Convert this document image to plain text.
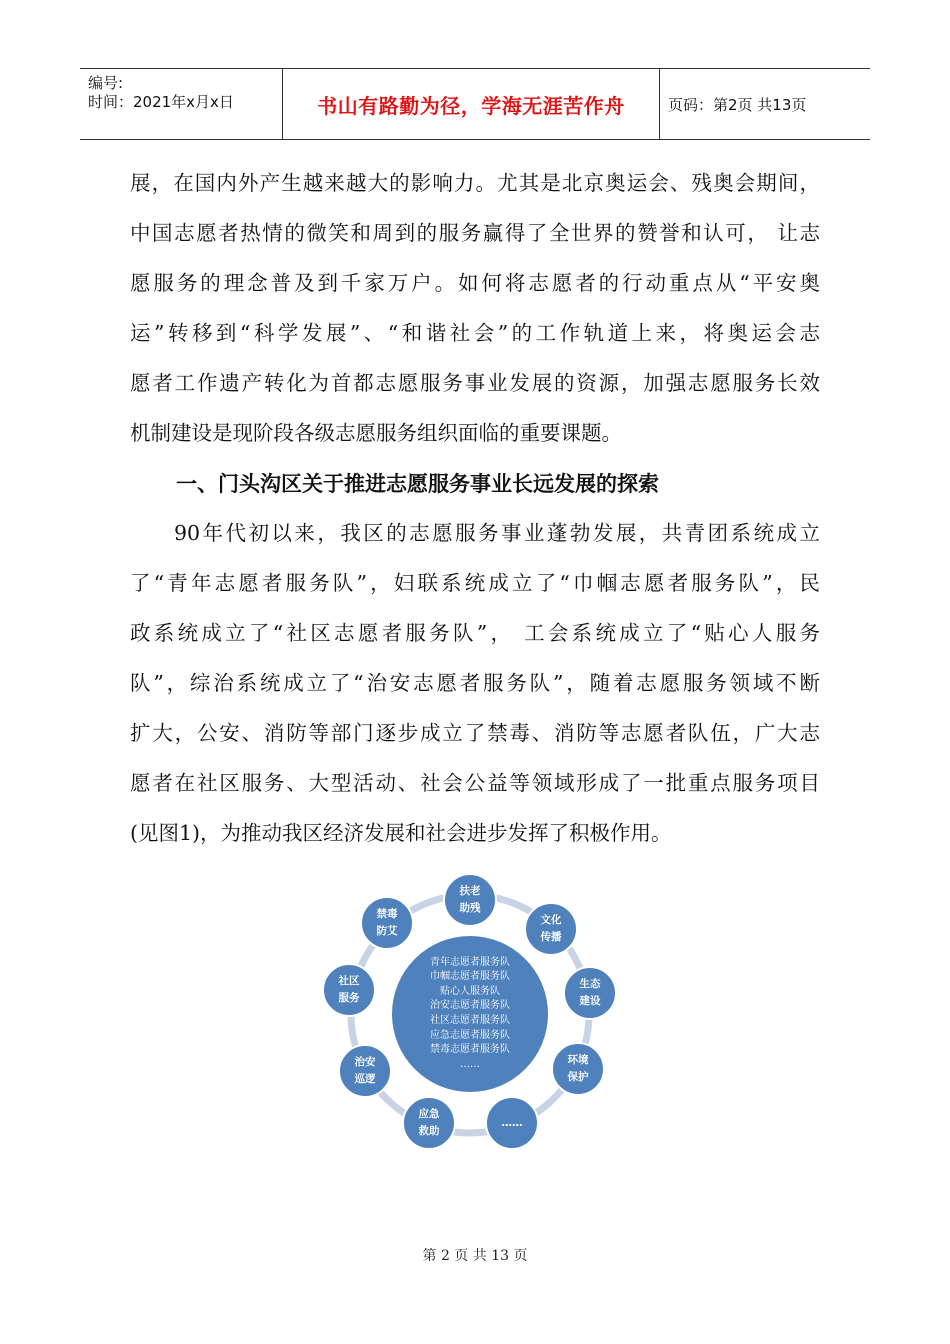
编号:
时间：2021年x月x日	书山有路勤为径，学海无涯苦作舟	页码：第2页 共13页
展，在国内外产生越来越大的影响力。尤其是北京奥运会、残奥会期间，
中国志愿者热情的微笑和周到的服务赢得了全世界的赞誉和认可， 让志
愿服务的理念普及到千家万户。如何将志愿者的行动重点从“平安奥
运”转移到“科学发展”、“和谐社会”的工作轨道上来，将奥运会志
愿者工作遗产转化为首都志愿服务事业发展的资源，加强志愿服务长效
机制建设是现阶段各级志愿服务组织面临的重要课题。
一、门头沟区关于推进志愿服务事业长远发展的探索
90年代初以来，我区的志愿服务事业蓬勃发展，共青团系统成立
了“青年志愿者服务队”，妇联系统成立了“巾帼志愿者服务队”，民
政系统成立了“社区志愿者服务队”， 工会系统成立了“贴心人服务
队”，综治系统成立了“治安志愿者服务队”，随着志愿服务领域不断
扩大，公安、消防等部门逐步成立了禁毒、消防等志愿者队伍，广大志
愿者在社区服务、大型活动、社会公益等领域形成了一批重点服务项目
(见图1)，为推动我区经济发展和社会进步发挥了积极作用。
青年志愿者服务队
巾帼志愿者服务队
贴心人服务队
治安志愿者服务队
社区志愿者服务队
应急志愿者服务队
禁毒志愿者服务队
……
扶老
助残
文化
传播
生态
建设
环境
保护
……
应急
救助
治安
巡逻
社区
服务
禁毒
防艾
第 2 页 共 13 页
